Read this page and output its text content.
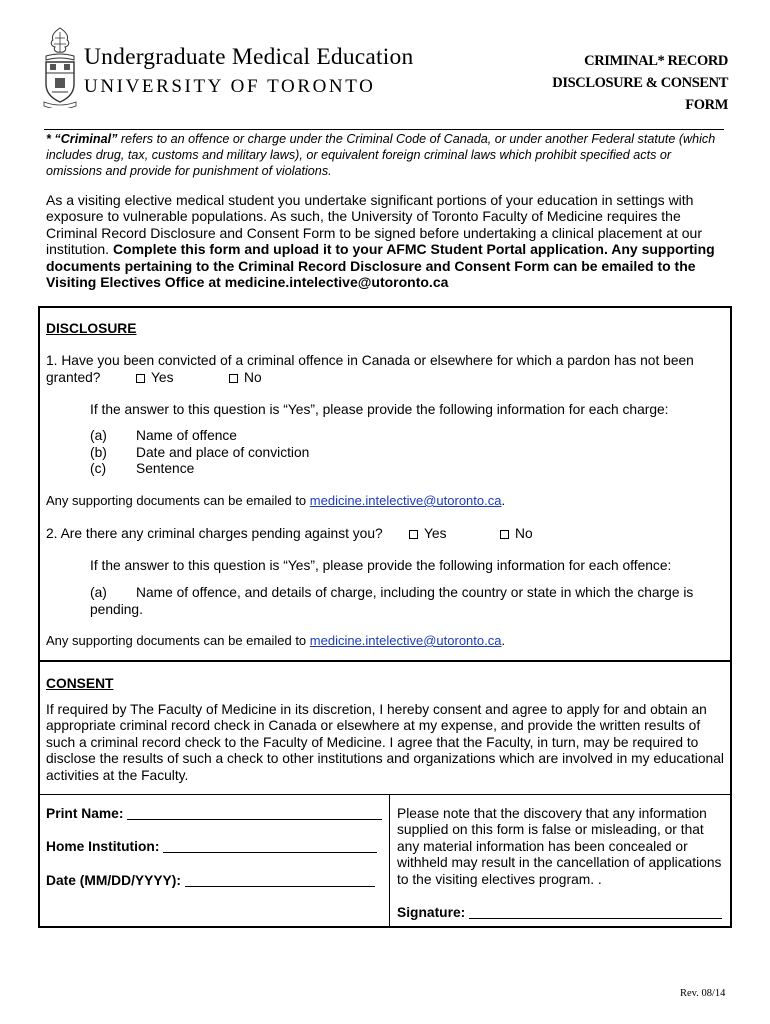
Undergraduate Medical Education
UNIVERSITY OF TORONTO
CRIMINAL* RECORD
DISCLOSURE & CONSENT
FORM
* “Criminal” refers to an offence or charge under the Criminal Code of Canada, or under another Federal statute (which includes drug, tax, customs and military laws), or equivalent foreign criminal laws which prohibit specified acts or omissions and provide for punishment of violations.
As a visiting elective medical student you undertake significant portions of your education in settings with exposure to vulnerable populations. As such, the University of Toronto Faculty of Medicine requires the Criminal Record Disclosure and Consent Form to be signed before undertaking a clinical placement at our institution. Complete this form and upload it to your AFMC Student Portal application. Any supporting documents pertaining to the Criminal Record Disclosure and Consent Form can be emailed to the Visiting Electives Office at medicine.intelective@utoronto.ca
DISCLOSURE
1. Have you been convicted of a criminal offence in Canada or elsewhere for which a pardon has not been
granted?	Yes	No
If the answer to this question is “Yes”, please provide the following information for each charge:
(a) Name of offence
(b) Date and place of conviction
(c) Sentence
Any supporting documents can be emailed to medicine.intelective@utoronto.ca.
2. Are there any criminal charges pending against you?	Yes	No
If the answer to this question is “Yes”, please provide the following information for each offence:
(a) Name of offence, and details of charge, including the country or state in which the charge is
pending.
Any supporting documents can be emailed to medicine.intelective@utoronto.ca.
CONSENT
If required by The Faculty of Medicine in its discretion, I hereby consent and agree to apply for and obtain an appropriate criminal record check in Canada or elsewhere at my expense, and provide the written results of such a criminal record check to the Faculty of Medicine. I agree that the Faculty, in turn, may be required to disclose the results of such a check to other institutions and organizations which are involved in my educational activities at the Faculty.
Print Name:
Home Institution:
Date (MM/DD/YYYY):
Please note that the discovery that any information supplied on this form is false or misleading, or that any material information has been concealed or withheld may result in the cancellation of applications to the visiting electives program. .
Signature:
Rev. 08/14
